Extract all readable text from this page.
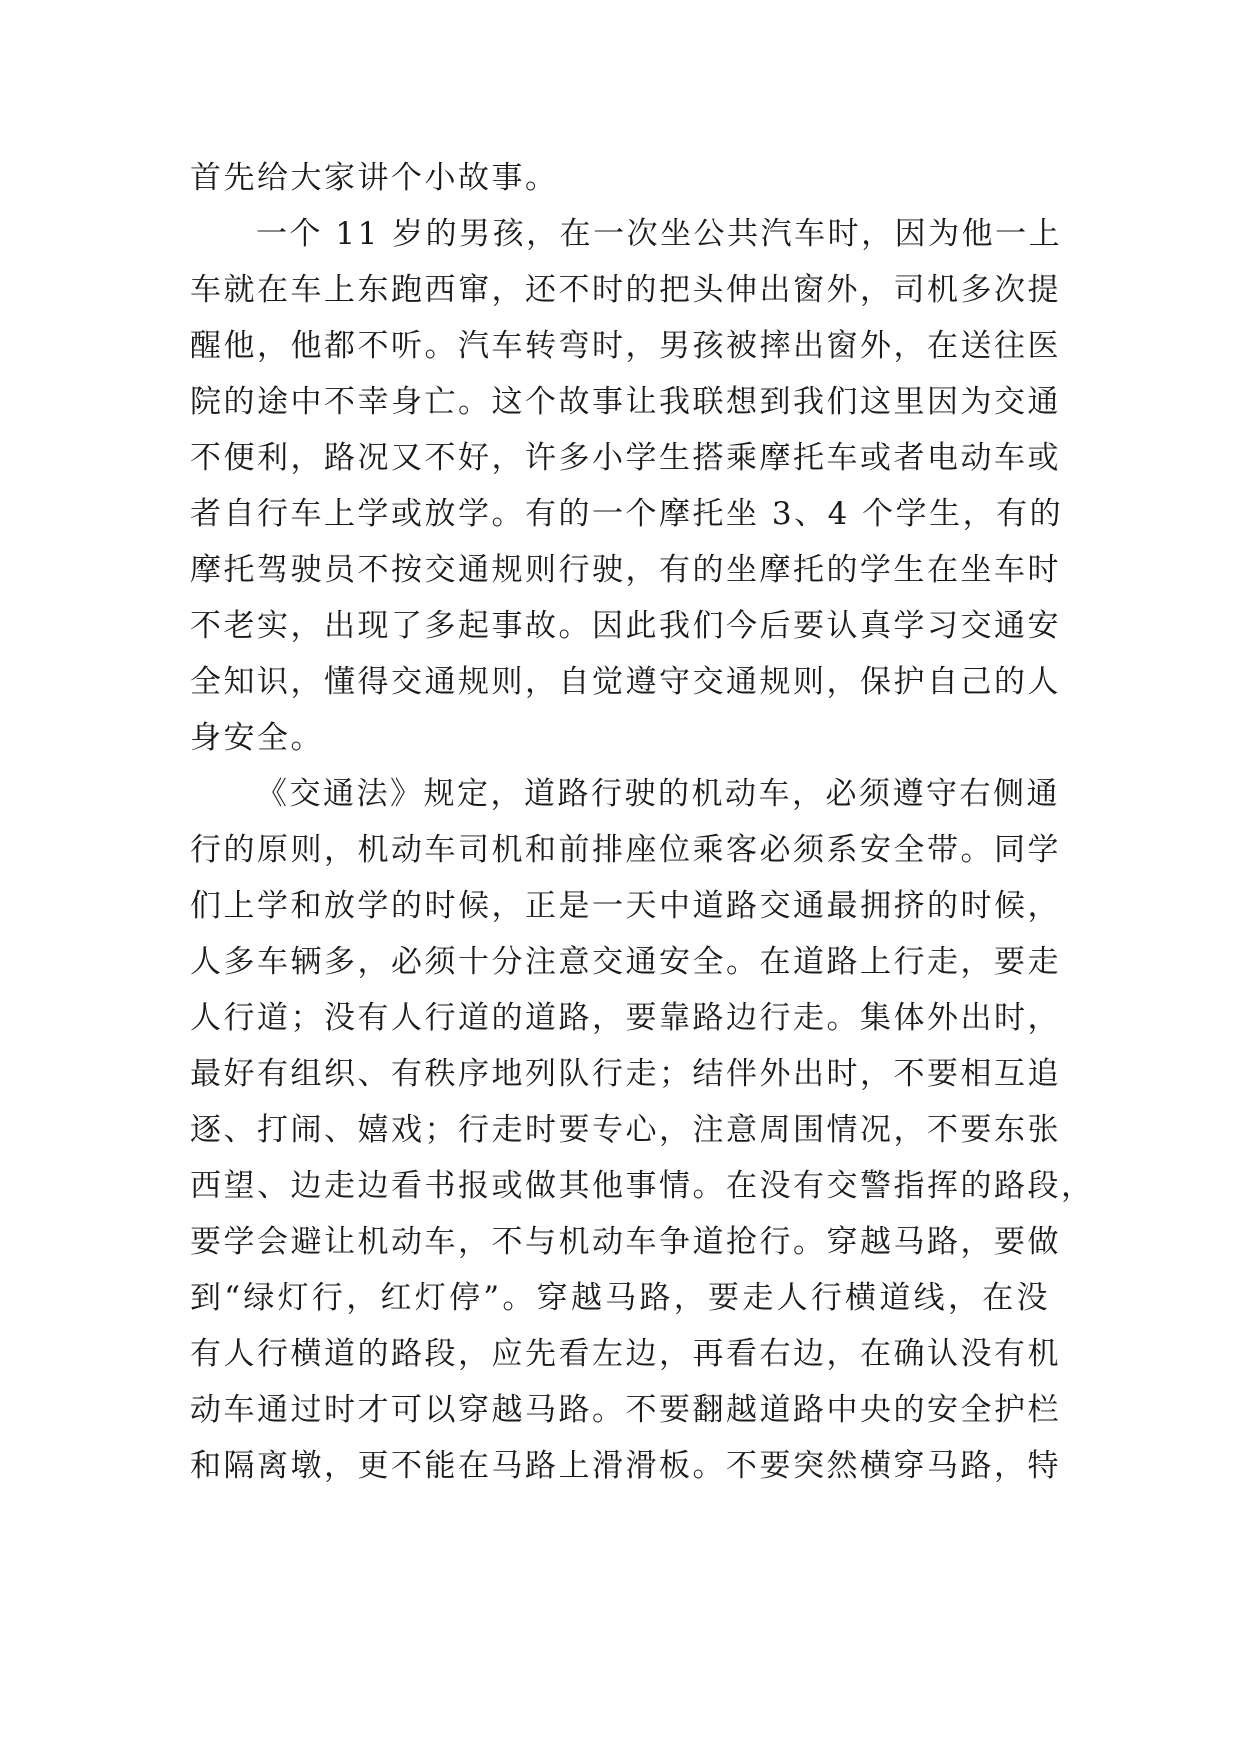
首先给大家讲个小故事。
一个 11 岁的男孩，在一次坐公共汽车时，因为他一上
车就在车上东跑西窜，还不时的把头伸出窗外，司机多次提
醒他，他都不听。汽车转弯时，男孩被摔出窗外，在送往医
院的途中不幸身亡。这个故事让我联想到我们这里因为交通
不便利，路况又不好，许多小学生搭乘摩托车或者电动车或
者自行车上学或放学。有的一个摩托坐 3、4 个学生，有的
摩托驾驶员不按交通规则行驶，有的坐摩托的学生在坐车时
不老实，出现了多起事故。因此我们今后要认真学习交通安
全知识，懂得交通规则，自觉遵守交通规则，保护自己的人
身安全。
《交通法》规定，道路行驶的机动车，必须遵守右侧通
行的原则，机动车司机和前排座位乘客必须系安全带。同学
们上学和放学的时候，正是一天中道路交通最拥挤的时候，
人多车辆多，必须十分注意交通安全。在道路上行走，要走
人行道；没有人行道的道路，要靠路边行走。集体外出时，
最好有组织、有秩序地列队行走；结伴外出时，不要相互追
逐、打闹、嬉戏；行走时要专心，注意周围情况，不要东张
西望、边走边看书报或做其他事情。在没有交警指挥的路段，
要学会避让机动车，不与机动车争道抢行。穿越马路，要做
到“绿灯行，红灯停”。穿越马路，要走人行横道线，在没
有人行横道的路段，应先看左边，再看右边，在确认没有机
动车通过时才可以穿越马路。不要翻越道路中央的安全护栏
和隔离墩，更不能在马路上滑滑板。不要突然横穿马路，特
